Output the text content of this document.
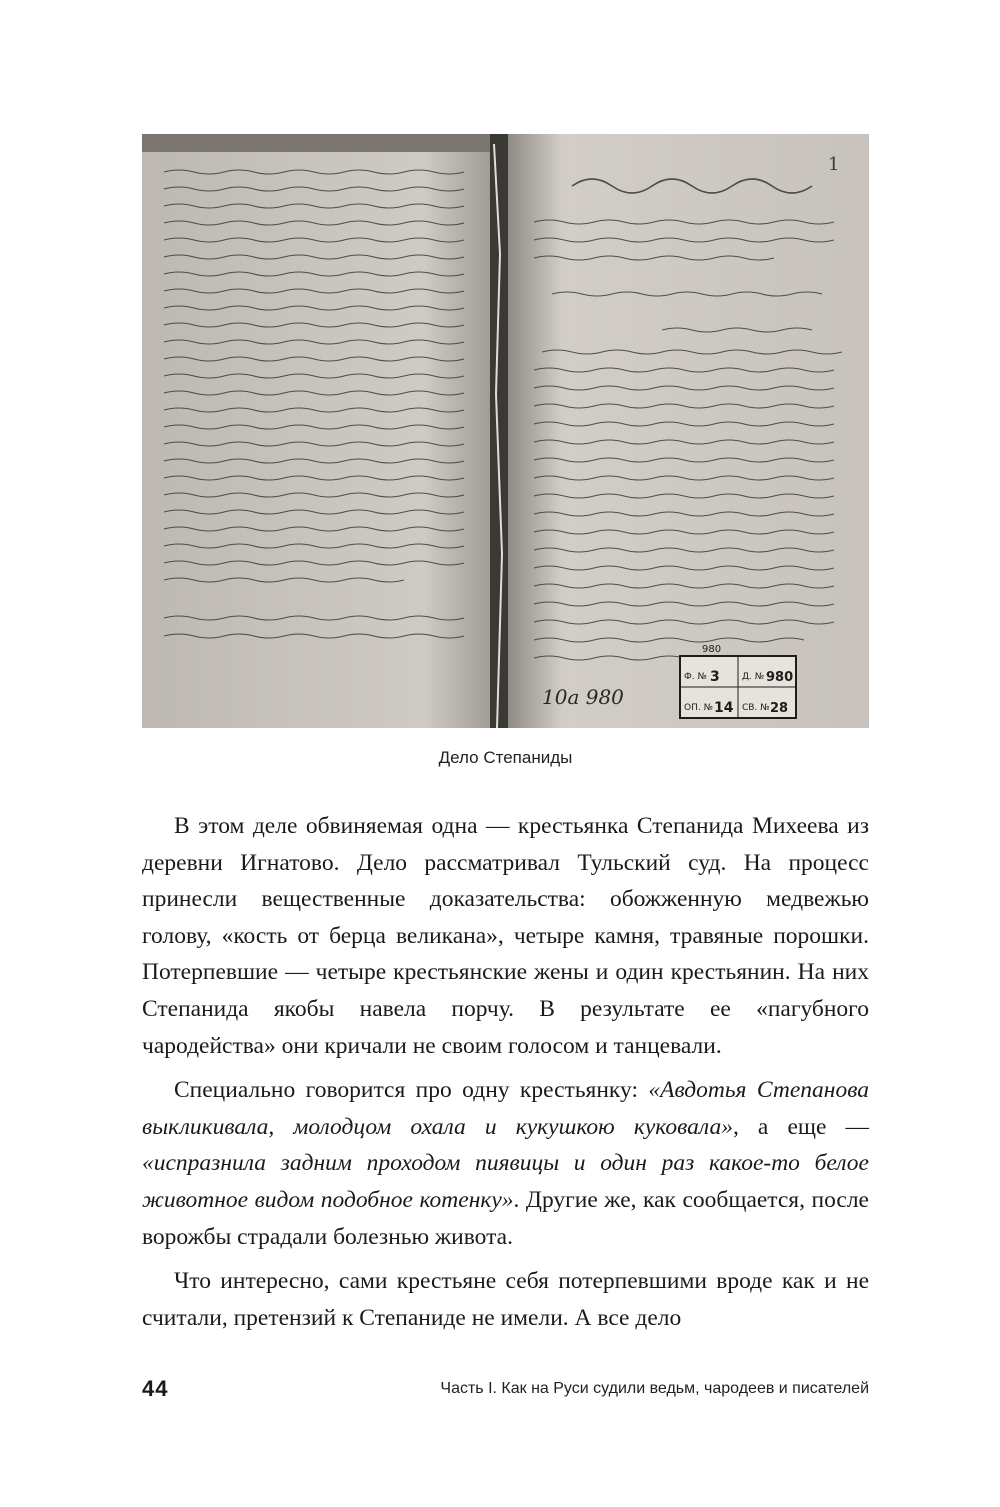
1
10а 980
Ф. № 3 Д. № 980
ОП. № 14 СВ. № 28
980
Дело Степаниды

В этом деле обвиняемая одна — крестьянка Степанида Михеева из деревни Игнатово. Дело рассматривал Тульский суд. На процесс принесли вещественные доказательства: обожженную медвежью голову, «кость от берца великана», четыре камня, травяные порошки. Потерпевшие — четыре крестьянские жены и один крестьянин. На них Степанида якобы навела порчу. В результате ее «пагубного чародейства» они кричали не своим голосом и танцевали.

Специально говорится про одну крестьянку: «Авдотья Степанова выкликивала, молодцом охала и кукушкою куковала», а еще — «испразнила задним проходом пиявицы и один раз какое-то белое животное видом подобное котенку». Другие же, как сообщается, после ворожбы страдали болезнью живота.

Что интересно, сами крестьяне себя потерпевшими вроде как и не считали, претензий к Степаниде не имели. А все дело

44	Часть I. Как на Руси судили ведьм, чародеев и писателей
